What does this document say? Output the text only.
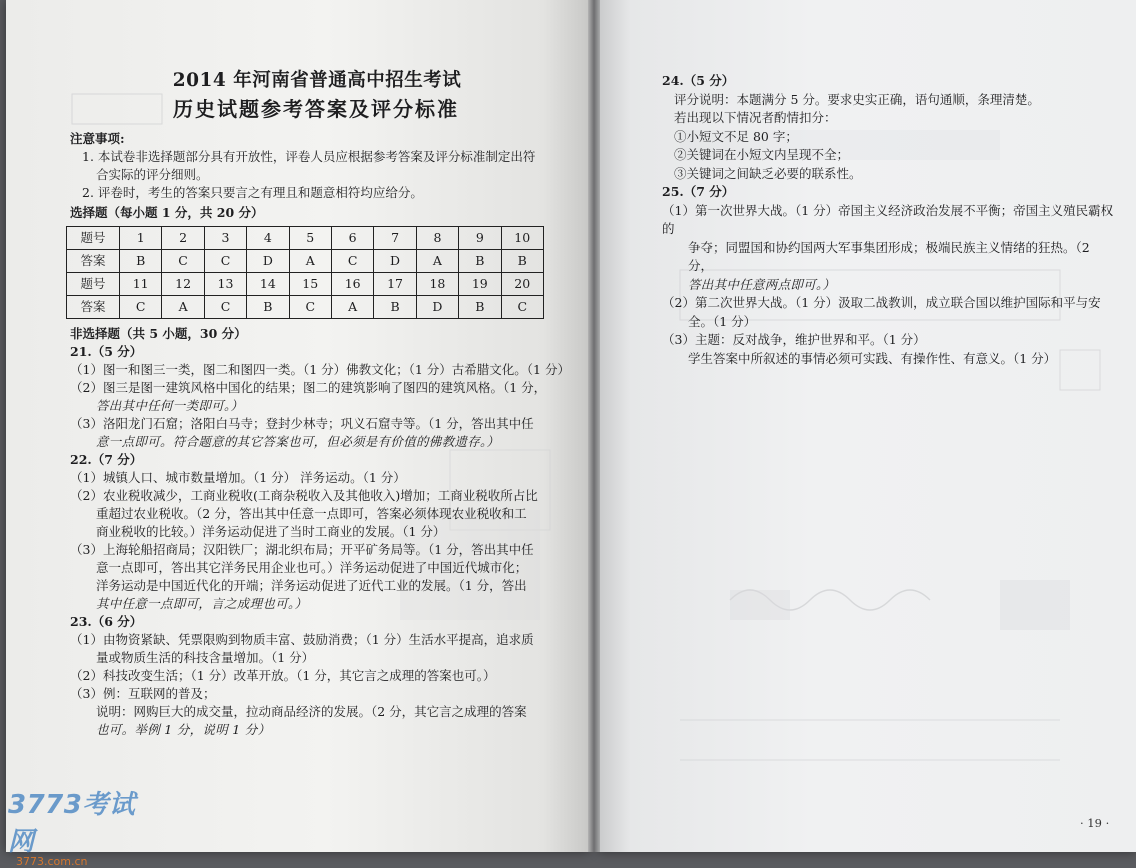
2014 年河南省普通高中招生考试

历史试题参考答案及评分标准

注意事项:
1. 本试卷非选择题部分具有开放性，评卷人员应根据参考答案及评分标准制定出符
合实际的评分细则。
2. 评卷时，考生的答案只要言之有理且和题意相符均应给分。
选择题（每小题 1 分，共 20 分）
题号	1	2	3	4	5	6	7	8	9	10
答案	B	C	C	D	A	C	D	A	B	B
题号	11	12	13	14	15	16	17	18	19	20
答案	C	A	C	B	C	A	B	D	B	C
非选择题（共 5 小题，30 分）
21.（5 分）
（1）图一和图三一类，图二和图四一类。（1 分）佛教文化；（1 分）古希腊文化。（1 分）
（2）图三是图一建筑风格中国化的结果；图二的建筑影响了图四的建筑风格。（1 分，
答出其中任何一类即可。）
（3）洛阳龙门石窟；洛阳白马寺；登封少林寺；巩义石窟寺等。（1 分，答出其中任
意一点即可。符合题意的其它答案也可，但必须是有价值的佛教遗存。）
22.（7 分）
（1）城镇人口、城市数量增加。（1 分） 洋务运动。（1 分）
（2）农业税收减少，工商业税收(工商杂税收入及其他收入)增加；工商业税收所占比
重超过农业税收。（2 分，答出其中任意一点即可，答案必须体现农业税收和工
商业税收的比较。）洋务运动促进了当时工商业的发展。（1 分）
（3）上海轮船招商局；汉阳铁厂；湖北织布局；开平矿务局等。（1 分，答出其中任
意一点即可，答出其它洋务民用企业也可。）洋务运动促进了中国近代城市化；
洋务运动是中国近代化的开端；洋务运动促进了近代工业的发展。（1 分，答出
其中任意一点即可，言之成理也可。）
23.（6 分）
（1）由物资紧缺、凭票限购到物质丰富、鼓励消费；（1 分）生活水平提高，追求质
量或物质生活的科技含量增加。（1 分）
（2）科技改变生活；（1 分）改革开放。（1 分，其它言之成理的答案也可。）
（3）例：互联网的普及；
说明：网购巨大的成交量，拉动商品经济的发展。（2 分，其它言之成理的答案
也可。举例 1 分，说明 1 分）
24.（5 分）
评分说明：本题满分 5 分。要求史实正确，语句通顺，条理清楚。
若出现以下情况者酌情扣分：
①小短文不足 80 字；
②关键词在小短文内呈现不全；
③关键词之间缺乏必要的联系性。
25.（7 分）
（1）第一次世界大战。（1 分）帝国主义经济政治发展不平衡；帝国主义殖民霸权的
争夺；同盟国和协约国两大军事集团形成；极端民族主义情绪的狂热。（2 分，
答出其中任意两点即可。）
（2）第二次世界大战。（1 分）汲取二战教训，成立联合国以维护国际和平与安
全。（1 分）
（3）主题：反对战争，维护世界和平。（1 分）
学生答案中所叙述的事情必须可实践、有操作性、有意义。（1 分）
· 19 ·
3773考试网
3773.com.cn
